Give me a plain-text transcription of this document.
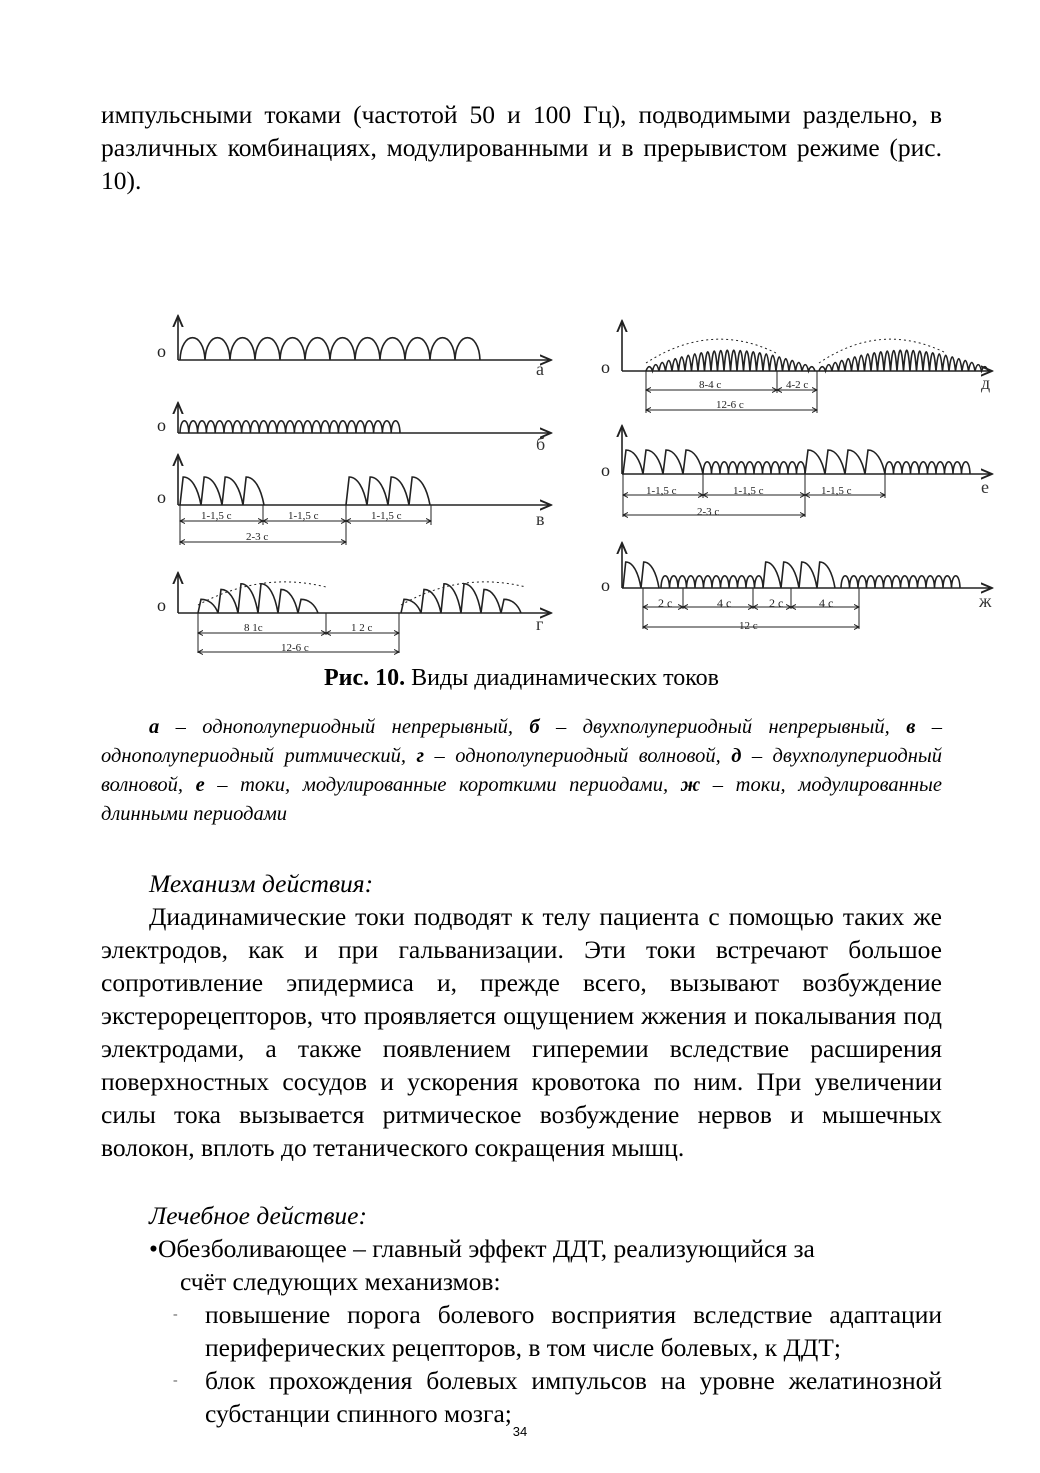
импульсными токами (частотой 50 и 100 Гц), подводимыми раздельно, в различных комбинациях, модулированными и в прерывистом режиме (рис. 10).

о
о
о
о
о
о
о
а
б
в
г
д
е
ж
1-1,5 с	1-1,5 с	1-1,5 с
2-3 с
8 1с	1 2 с
12-6 с
8-4 с	4-2 с
12-6 с
1-1,5 с	1-1,5 с	1-1,5 с
2-3 с
2 с	4 с	2 с	4 с
12 с

Рис. 10. Виды диадинамических токов

а – однополупериодный непрерывный, б – двухполупериодный непрерывный, в – однополупериодный ритмический, г – однополупериодный волновой, д – двухполупериодный волновой, е – токи, модулированные короткими периодами, ж – токи, модулированные длинными периодами

Механизм действия:

Диадинамические токи подводят к телу пациента с помощью таких же электродов, как и при гальванизации. Эти токи встречают большое сопротивление эпидермиса и, прежде всего, вызывают возбуждение экстерорецепторов, что проявляется ощущением жжения и покалывания под электродами, а также появлением гиперемии вследствие расширения поверхностных сосудов и ускорения кровотока по ним. При увеличении силы тока вызывается ритмическое возбуждение нервов и мышечных волокон, вплоть до тетанического сокращения мышц.

Лечебное действие:

•Обезболивающее – главный эффект ДДТ, реализующийся за

счёт следующих механизмов:

- повышение порога болевого восприятия вследствие адаптации периферических рецепторов, в том числе болевых, к ДДТ;
- блок прохождения болевых импульсов на уровне желатинозной субстанции спинного мозга;
34
